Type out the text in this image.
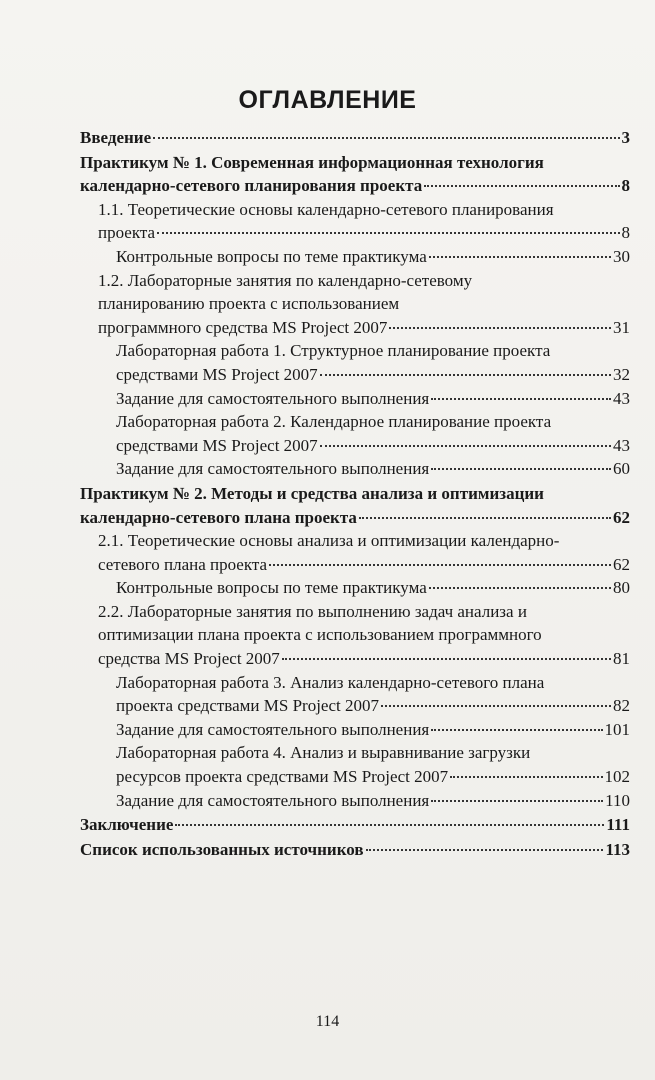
ОГЛАВЛЕНИЕ
Введение	3
Практикум № 1. Современная информационная технология
календарно-сетевого планирования проекта	8
1.1. Теоретические основы календарно-сетевого планирования
проекта	8
Контрольные вопросы по теме практикума	30
1.2. Лабораторные занятия по календарно-сетевому
планированию проекта с использованием
программного средства MS Project 2007	31
Лабораторная работа 1. Структурное планирование проекта
средствами MS Project 2007	32
Задание для самостоятельного выполнения	43
Лабораторная работа 2. Календарное планирование проекта
средствами MS Project 2007	43
Задание для самостоятельного выполнения	60
Практикум № 2. Методы и средства анализа и оптимизации
календарно-сетевого плана проекта	62
2.1. Теоретические основы анализа и оптимизации календарно-
сетевого плана проекта	62
Контрольные вопросы по теме практикума	80
2.2. Лабораторные занятия по выполнению задач анализа и
оптимизации плана проекта с использованием программного
средства MS Project 2007	81
Лабораторная работа 3. Анализ календарно-сетевого плана
проекта средствами MS Project 2007	82
Задание для самостоятельного выполнения	101
Лабораторная работа 4. Анализ и выравнивание загрузки
ресурсов проекта средствами MS Project 2007	102
Задание для самостоятельного выполнения	110
Заключение	111
Список использованных источников	113
114
